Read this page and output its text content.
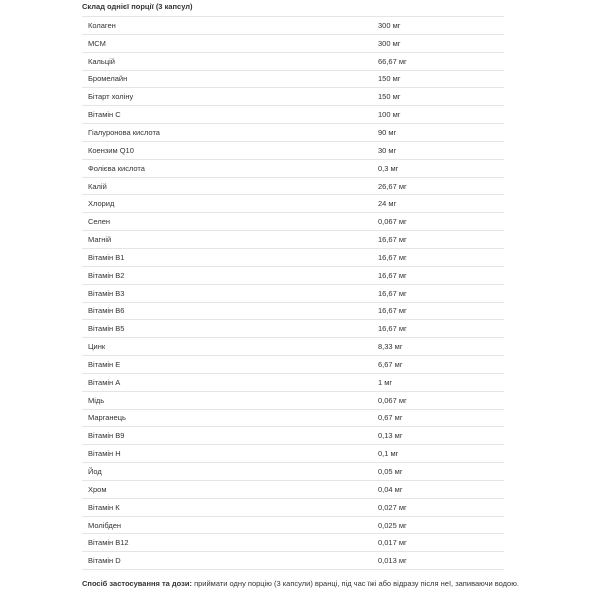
Склад однієї порції (3 капсул)
Колаген	300 мг
МСМ	300 мг
Кальцій	66,67 мг
Бромелайн	150 мг
Бітарт холіну	150 мг
Вітамін С	100 мг
Гіалуронова кислота	90 мг
Коензим Q10	30 мг
Фолієва кислота	0,3 мг
Калій	26,67 мг
Хлорид	24 мг
Селен	0,067 мг
Магній	16,67 мг
Вітамін В1	16,67 мг
Вітамін В2	16,67 мг
Вітамін В3	16,67 мг
Вітамін В6	16,67 мг
Вітамін В5	16,67 мг
Цинк	8,33 мг
Вітамін Е	6,67 мг
Вітамін А	1 мг
Мідь	0,067 мг
Марганець	0,67 мг
Вітамін В9	0,13 мг
Вітамін Н	0,1 мг
Йод	0,05 мг
Хром	0,04 мг
Вітамін К	0,027 мг
Молібден	0,025 мг
Вітамін В12	0,017 мг
Вітамін D	0,013 мг
Спосіб застосування та дози: приймати одну порцію (3 капсули) вранці, під час їжі або відразу після неї, запиваючи водою.
